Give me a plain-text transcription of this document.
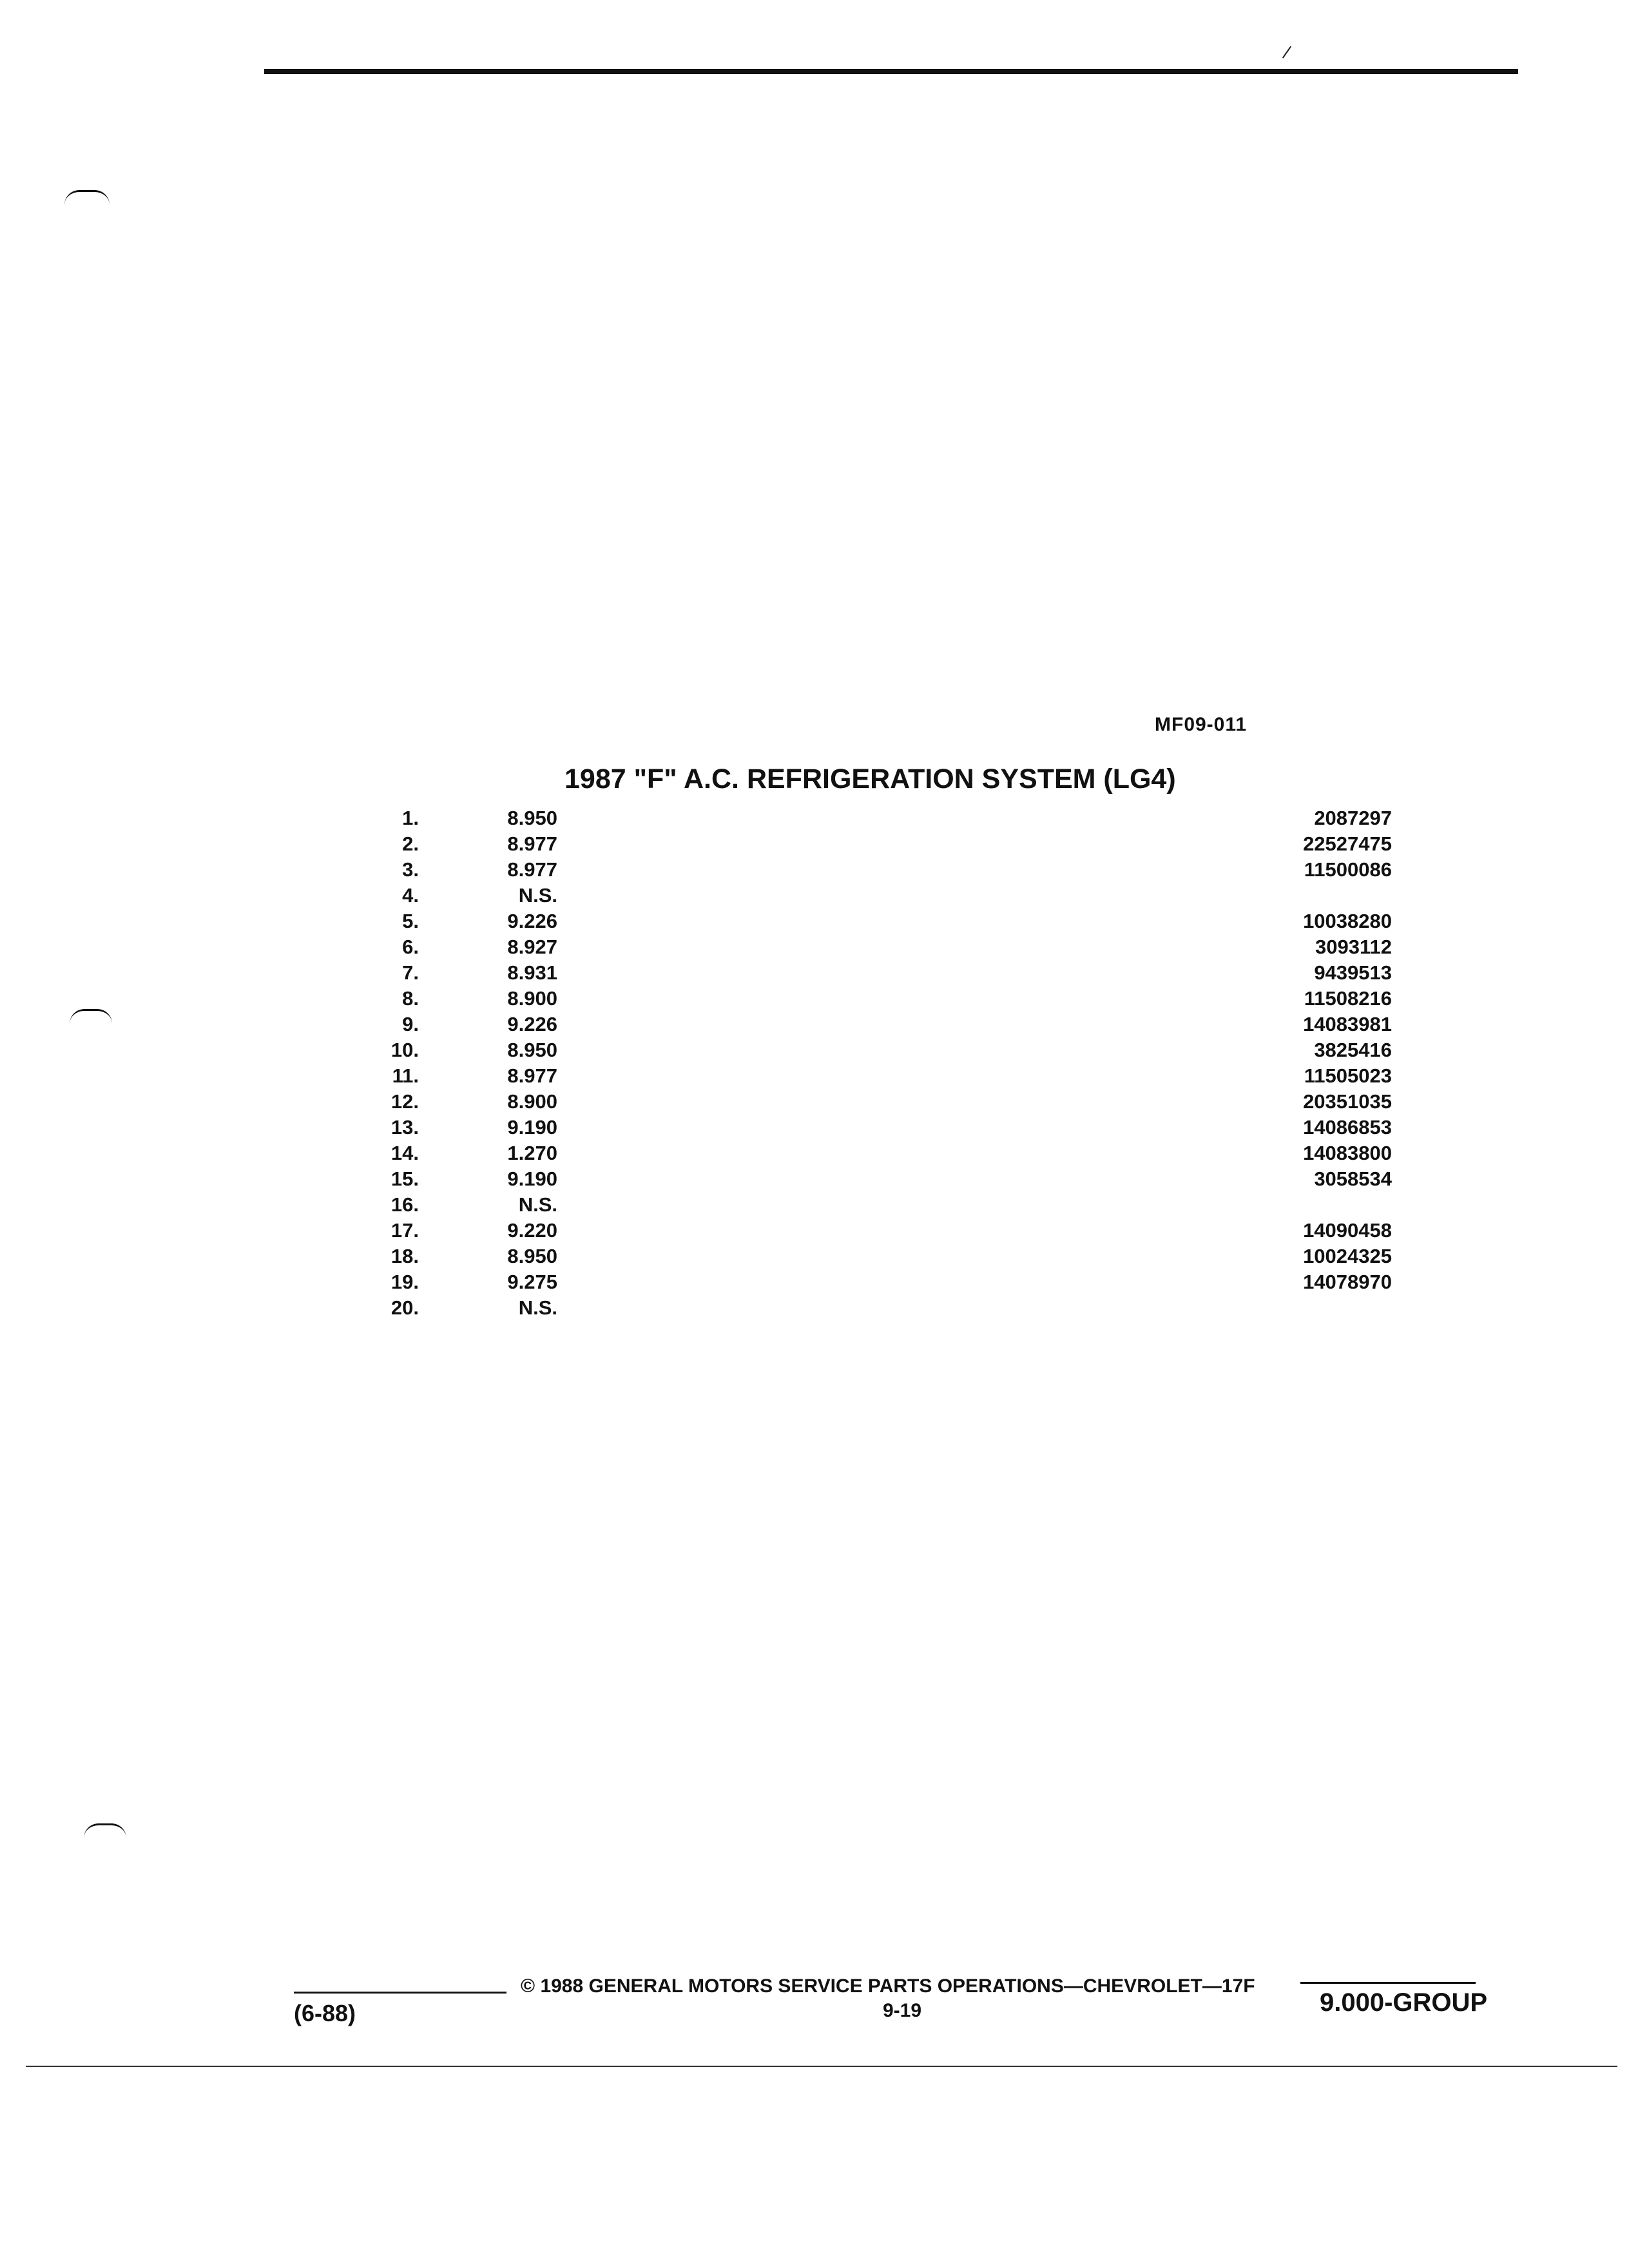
MF09-011
1987 "F" A.C. REFRIGERATION SYSTEM (LG4)
1.	8.950	2087297
2.	8.977	22527475
3.	8.977	11500086
4.	N.S.
5.	9.226	10038280
6.	8.927	3093112
7.	8.931	9439513
8.	8.900	11508216
9.	9.226	14083981
10.	8.950	3825416
11.	8.977	11505023
12.	8.900	20351035
13.	9.190	14086853
14.	1.270	14083800
15.	9.190	3058534
16.	N.S.
17.	9.220	14090458
18.	8.950	10024325
19.	9.275	14078970
20.	N.S.
(6-88)
© 1988 GENERAL MOTORS SERVICE PARTS OPERATIONS—CHEVROLET—17F
9-19	9.000-GROUP
